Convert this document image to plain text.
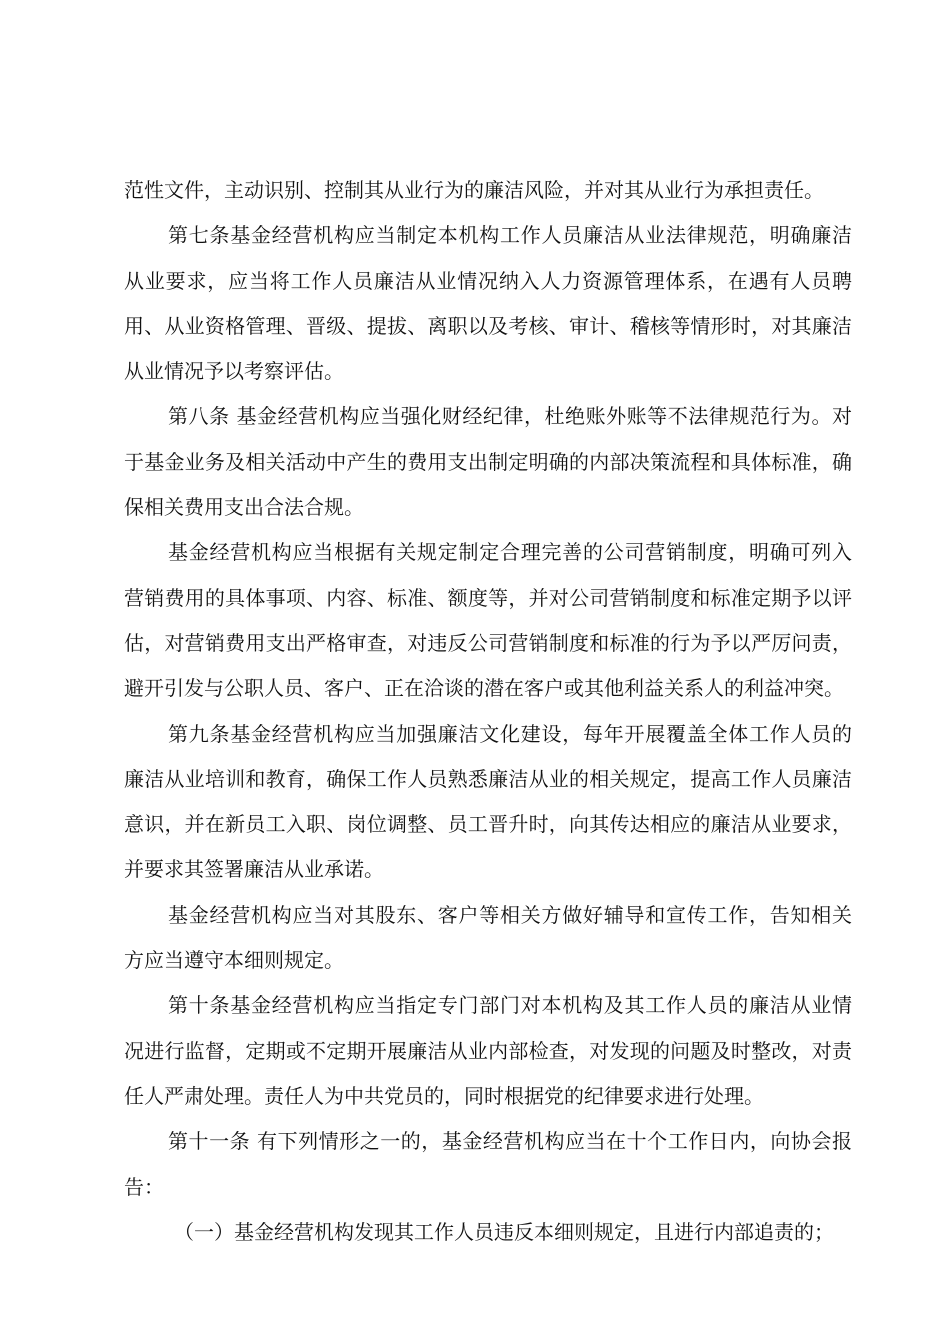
范性文件，主动识别、控制其从业行为的廉洁风险，并对其从业行为承担责任。
第七条基金经营机构应当制定本机构工作人员廉洁从业法律规范，明确廉洁
从业要求，应当将工作人员廉洁从业情况纳入人力资源管理体系，在遇有人员聘
用、从业资格管理、晋级、提拔、离职以及考核、审计、稽核等情形时，对其廉洁
从业情况予以考察评估。
第八条 基金经营机构应当强化财经纪律，杜绝账外账等不法律规范行为。对
于基金业务及相关活动中产生的费用支出制定明确的内部决策流程和具体标准，确
保相关费用支出合法合规。
基金经营机构应当根据有关规定制定合理完善的公司营销制度，明确可列入
营销费用的具体事项、内容、标准、额度等，并对公司营销制度和标准定期予以评
估，对营销费用支出严格审查，对违反公司营销制度和标准的行为予以严厉问责，
避开引发与公职人员、客户、正在洽谈的潜在客户或其他利益关系人的利益冲突。
第九条基金经营机构应当加强廉洁文化建设，每年开展覆盖全体工作人员的
廉洁从业培训和教育，确保工作人员熟悉廉洁从业的相关规定，提高工作人员廉洁
意识，并在新员工入职、岗位调整、员工晋升时，向其传达相应的廉洁从业要求，
并要求其签署廉洁从业承诺。
基金经营机构应当对其股东、客户等相关方做好辅导和宣传工作，告知相关
方应当遵守本细则规定。
第十条基金经营机构应当指定专门部门对本机构及其工作人员的廉洁从业情
况进行监督，定期或不定期开展廉洁从业内部检查，对发现的问题及时整改，对责
任人严肃处理。责任人为中共党员的，同时根据党的纪律要求进行处理。
第十一条 有下列情形之一的，基金经营机构应当在十个工作日内，向协会报
告：
（一）基金经营机构发现其工作人员违反本细则规定，且进行内部追责的；
